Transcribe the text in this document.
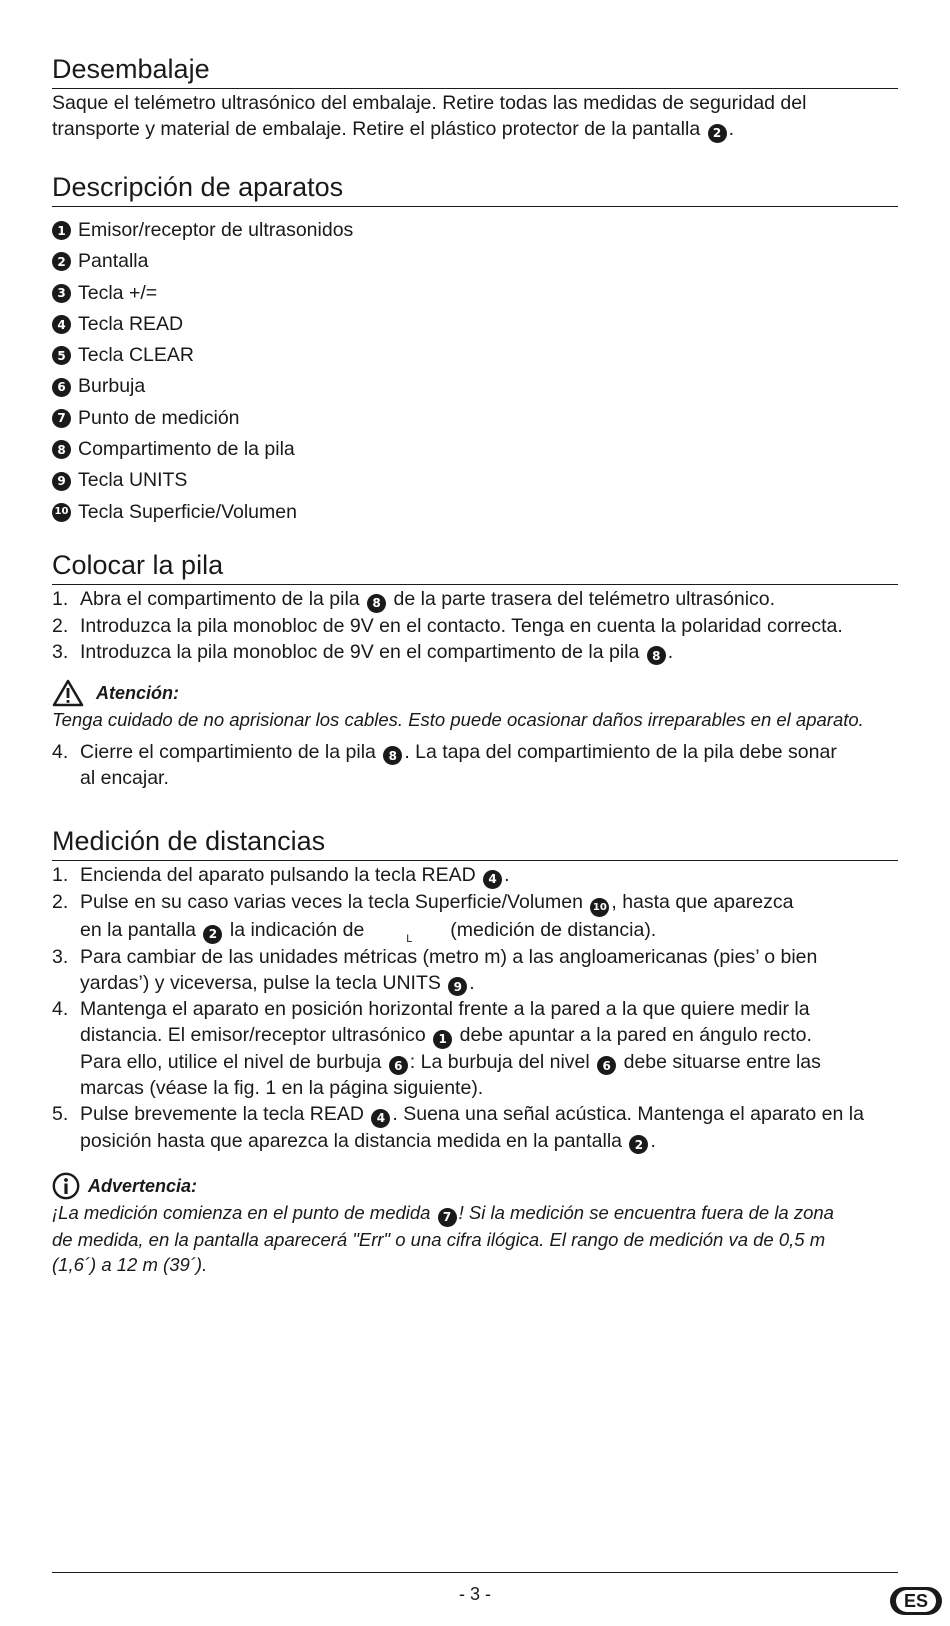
Desembalaje

Saque el telémetro ultrasónico del embalaje. Retire todas las medidas de seguridad del
transporte y material de embalaje. Retire el plástico protector de la pantalla 2 .

Descripción de aparatos
1 Emisor/receptor de ultrasonidos
2 Pantalla
3 Tecla +/=
4 Tecla READ
5 Tecla CLEAR
6 Burbuja
7 Punto de medición
8 Compartimento de la pila
9 Tecla UNITS
10 Tecla Superficie/Volumen
Colocar la pila
1. Abra el compartimento de la pila 8 de la parte trasera del telémetro ultrasónico.
2. Introduzca la pila monobloc de 9V en el contacto. Tenga en cuenta la polaridad correcta.
3. Introduzca la pila monobloc de 9V en el compartimento de la pila 8 .
Atención:

Tenga cuidado de no aprisionar los cables. Esto puede ocasionar daños irreparables en el aparato.

4. Cierre el compartimiento de la pila 8 . La tapa del compartimiento de la pila debe sonar
al encajar.
Medición de distancias
1. Encienda del aparato pulsando la tecla READ 4 .
2. Pulse en su caso varias veces la tecla Superficie/Volumen 10 , hasta que aparezca
en la pantalla 2 la indicación de	L (medición de distancia).
3. Para cambiar de las unidades métricas (metro m) a las angloamericanas (pies’ o bien
yardas’) y viceversa, pulse la tecla UNITS 9 .
4. Mantenga el aparato en posición horizontal frente a la pared a la que quiere medir la
distancia. El emisor/receptor ultrasónico 1 debe apuntar a la pared en ángulo recto.
Para ello, utilice el nivel de burbuja 6 : La burbuja del nivel 6 debe situarse entre las
marcas (véase la fig. 1 en la página siguiente).
5. Pulse brevemente la tecla READ 4 . Suena una señal acústica. Mantenga el aparato en la
posición hasta que aparezca la distancia medida en la pantalla 2 .
Advertencia:

¡La medición comienza en el punto de medida 7 ! Si la medición se encuentra fuera de la zona
de medida, en la pantalla aparecerá "Err" o una cifra ilógica. El rango de medición va de 0,5 m
(1,6´) a 12 m (39´).

- 3 -	ES
